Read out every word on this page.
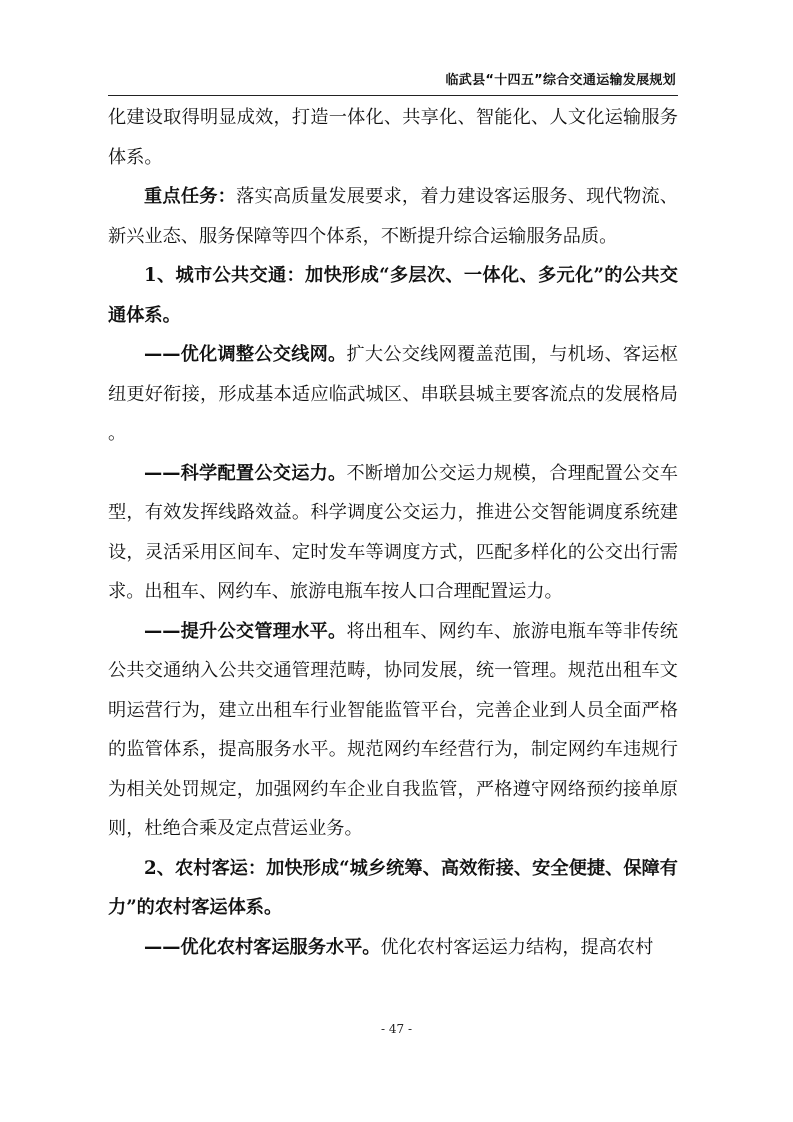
临武县“十四五”综合交通运输发展规划

化建设取得明显成效，打造一体化、共享化、智能化、人文化运输服务体系。

重点任务：落实高质量发展要求，着力建设客运服务、现代物流、新兴业态、服务保障等四个体系，不断提升综合运输服务品质。

1、城市公共交通：加快形成“多层次、一体化、多元化”的公共交通体系。

——优化调整公交线网。扩大公交线网覆盖范围，与机场、客运枢纽更好衔接，形成基本适应临武城区、串联县城主要客流点的发展格局。

——科学配置公交运力。不断增加公交运力规模，合理配置公交车型，有效发挥线路效益。科学调度公交运力，推进公交智能调度系统建设，灵活采用区间车、定时发车等调度方式，匹配多样化的公交出行需求。出租车、网约车、旅游电瓶车按人口合理配置运力。

——提升公交管理水平。将出租车、网约车、旅游电瓶车等非传统公共交通纳入公共交通管理范畴，协同发展，统一管理。规范出租车文明运营行为，建立出租车行业智能监管平台，完善企业到人员全面严格的监管体系，提高服务水平。规范网约车经营行为，制定网约车违规行为相关处罚规定，加强网约车企业自我监管，严格遵守网络预约接单原则，杜绝合乘及定点营运业务。

2、农村客运：加快形成“城乡统筹、高效衔接、安全便捷、保障有力”的农村客运体系。

——优化农村客运服务水平。优化农村客运运力结构，提高农村

- 47 -
